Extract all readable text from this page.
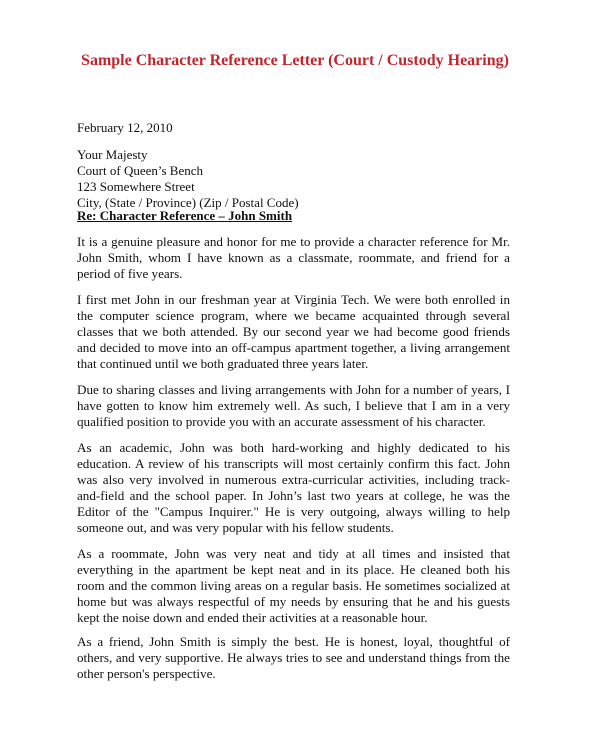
Sample Character Reference Letter (Court / Custody Hearing)

February 12, 2010

Your Majesty
Court of Queen’s Bench
123 Somewhere Street
City, (State / Province) (Zip / Postal Code)

Re: Character Reference – John Smith

It is a genuine pleasure and honor for me to provide a character reference for Mr. John Smith, whom I have known as a classmate, roommate, and friend for a period of five years.

I first met John in our freshman year at Virginia Tech. We were both enrolled in the computer science program, where we became acquainted through several classes that we both attended. By our second year we had become good friends and decided to move into an off-campus apartment together, a living arrangement that continued until we both graduated three years later.

Due to sharing classes and living arrangements with John for a number of years, I have gotten to know him extremely well. As such, I believe that I am in a very qualified position to provide you with an accurate assessment of his character.

As an academic, John was both hard-working and highly dedicated to his education. A review of his transcripts will most certainly confirm this fact. John was also very involved in numerous extra-curricular activities, including track-and-field and the school paper. In John’s last two years at college, he was the Editor of the "Campus Inquirer." He is very outgoing, always willing to help someone out, and was very popular with his fellow students.

As a roommate, John was very neat and tidy at all times and insisted that everything in the apartment be kept neat and in its place. He cleaned both his room and the common living areas on a regular basis. He sometimes socialized at home but was always respectful of my needs by ensuring that he and his guests kept the noise down and ended their activities at a reasonable hour.

As a friend, John Smith is simply the best. He is honest, loyal, thoughtful of others, and very supportive. He always tries to see and understand things from the other person's perspective.
